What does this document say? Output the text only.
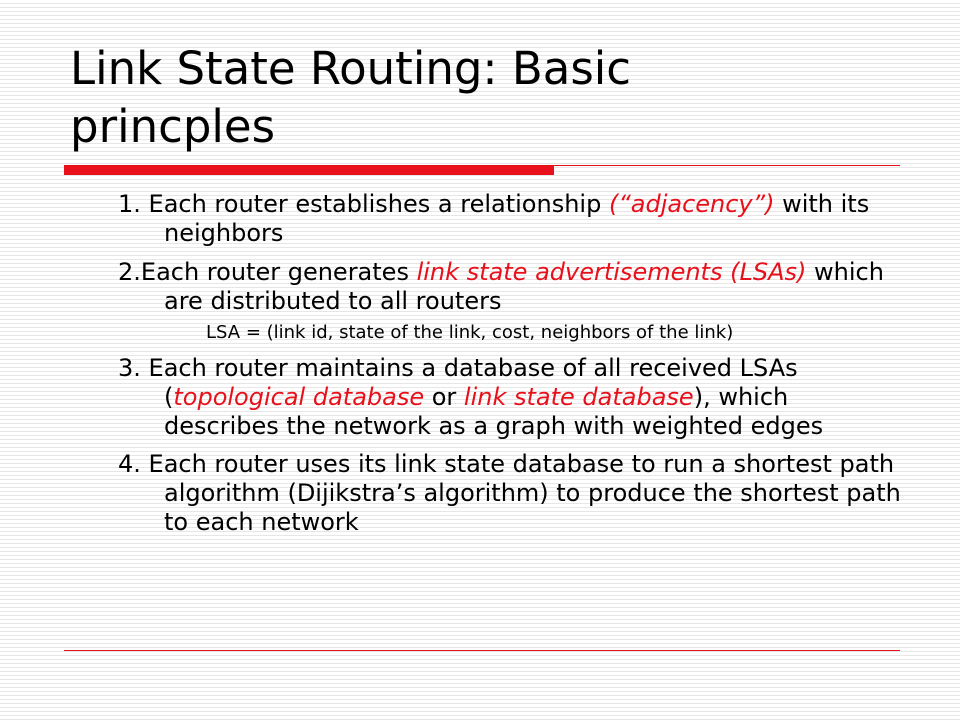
Link State Routing: Basic
princples

1. Each router establishes a relationship (“adjacency”) with its neighbors

2.Each router generates link state advertisements (LSAs) which are distributed to all routers

LSA = (link id, state of the link, cost, neighbors of the link)

3. Each router maintains a database of all received LSAs (topological database or link state database), which describes the network as a graph with weighted edges

4. Each router uses its link state database to run a shortest path algorithm (Dijikstra’s algorithm) to produce the shortest path to each network
